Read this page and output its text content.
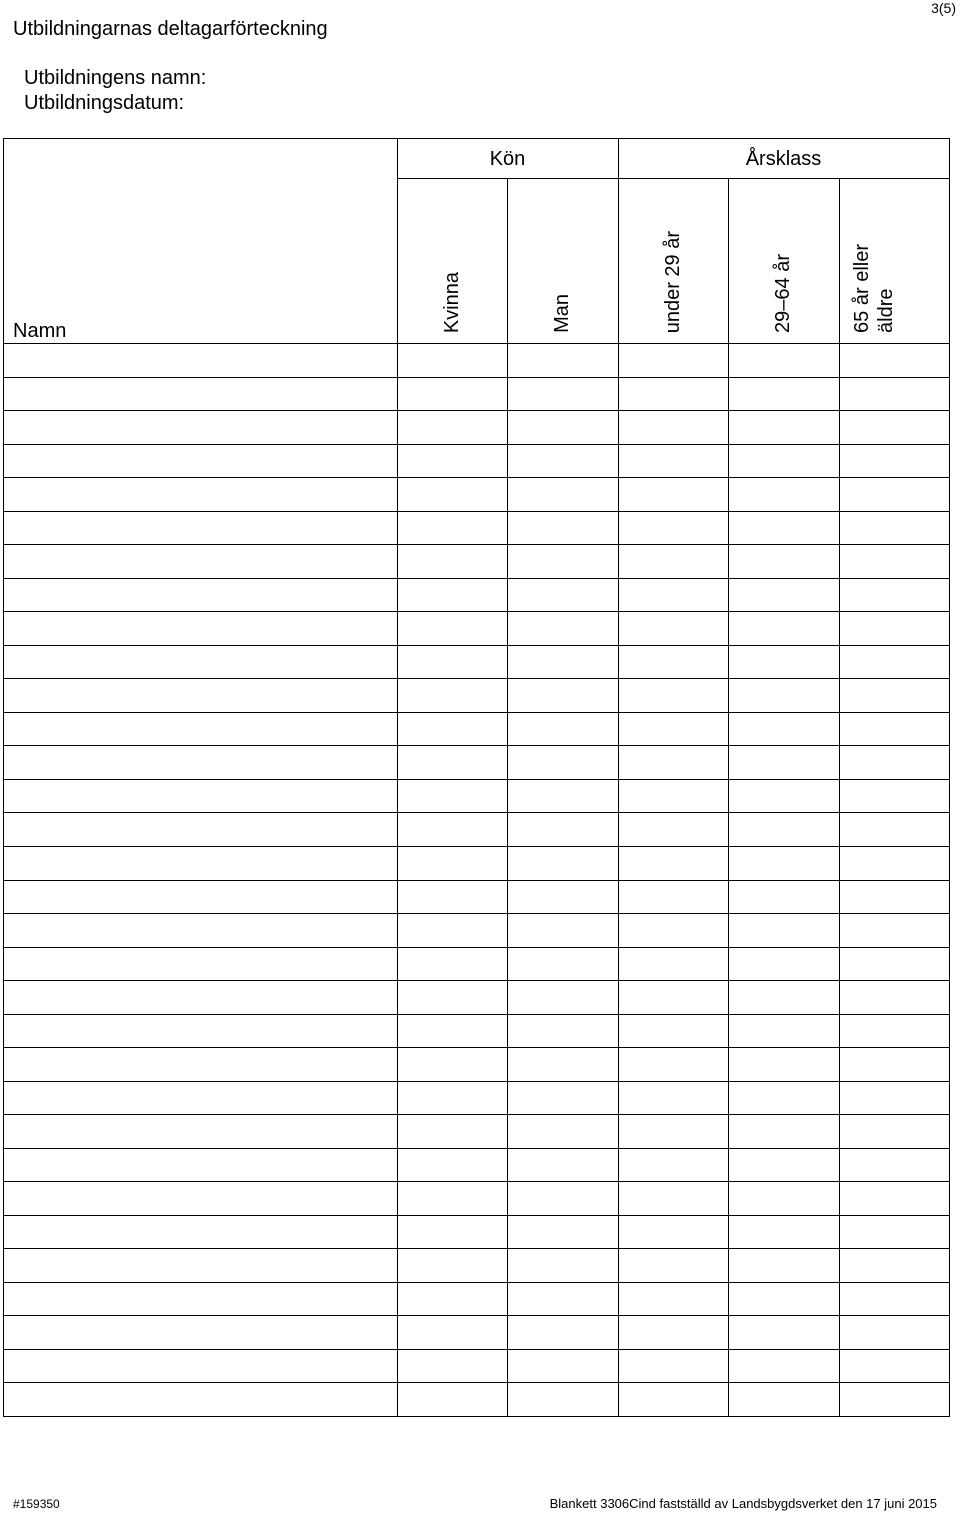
Utbildningarnas deltagarförteckning
3(5)
Utbildningens namn:
Utbildningsdatum:
Kön	Årsklass
Namn	Kvinna	Man	under 29 år	29–64 år	65 år eller
äldre
#159350	Blankett 3306Cind fastställd av Landsbygdsverket den 17 juni 2015
